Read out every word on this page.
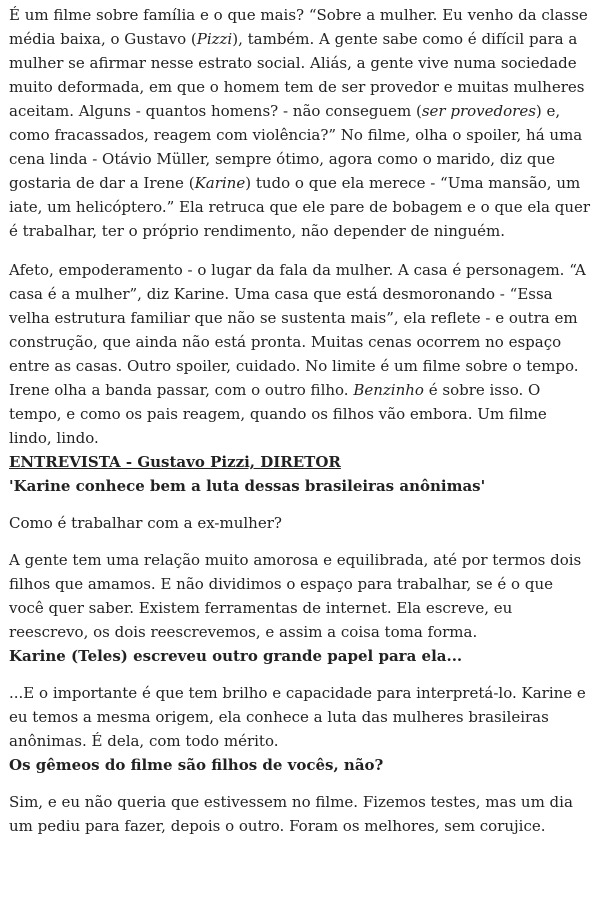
É um filme sobre família e o que mais? “Sobre a mulher. Eu venho da classe média baixa, o Gustavo (Pizzi), também. A gente sabe como é difícil para a mulher se afirmar nesse estrato social. Aliás, a gente vive numa sociedade muito deformada, em que o homem tem de ser provedor e muitas mulheres aceitam. Alguns - quantos homens? - não conseguem (ser provedores) e, como fracassados, reagem com violência?” No filme, olha o spoiler, há uma cena linda - Otávio Müller, sempre ótimo, agora como o marido, diz que gostaria de dar a Irene (Karine) tudo o que ela merece - “Uma mansão, um iate, um helicóptero.” Ela retruca que ele pare de bobagem e o que ela quer é trabalhar, ter o próprio rendimento, não depender de ninguém.

Afeto, empoderamento - o lugar da fala da mulher. A casa é personagem. “A casa é a mulher”, diz Karine. Uma casa que está desmoronando - “Essa velha estrutura familiar que não se sustenta mais”, ela reflete - e outra em construção, que ainda não está pronta. Muitas cenas ocorrem no espaço entre as casas. Outro spoiler, cuidado. No limite é um filme sobre o tempo. Irene olha a banda passar, com o outro filho. Benzinho é sobre isso. O tempo, e como os pais reagem, quando os filhos vão embora. Um filme lindo, lindo.

ENTREVISTA - Gustavo Pizzi, DIRETOR

'Karine conhece bem a luta dessas brasileiras anônimas'

Como é trabalhar com a ex-mulher?

A gente tem uma relação muito amorosa e equilibrada, até por termos dois filhos que amamos. E não dividimos o espaço para trabalhar, se é o que você quer saber. Existem ferramentas de internet. Ela escreve, eu reescrevo, os dois reescrevemos, e assim a coisa toma forma.

Karine (Teles) escreveu outro grande papel para ela...

...E o importante é que tem brilho e capacidade para interpretá-lo. Karine e eu temos a mesma origem, ela conhece a luta das mulheres brasileiras anônimas. É dela, com todo mérito.

Os gêmeos do filme são filhos de vocês, não?

Sim, e eu não queria que estivessem no filme. Fizemos testes, mas um dia um pediu para fazer, depois o outro. Foram os melhores, sem corujice.
